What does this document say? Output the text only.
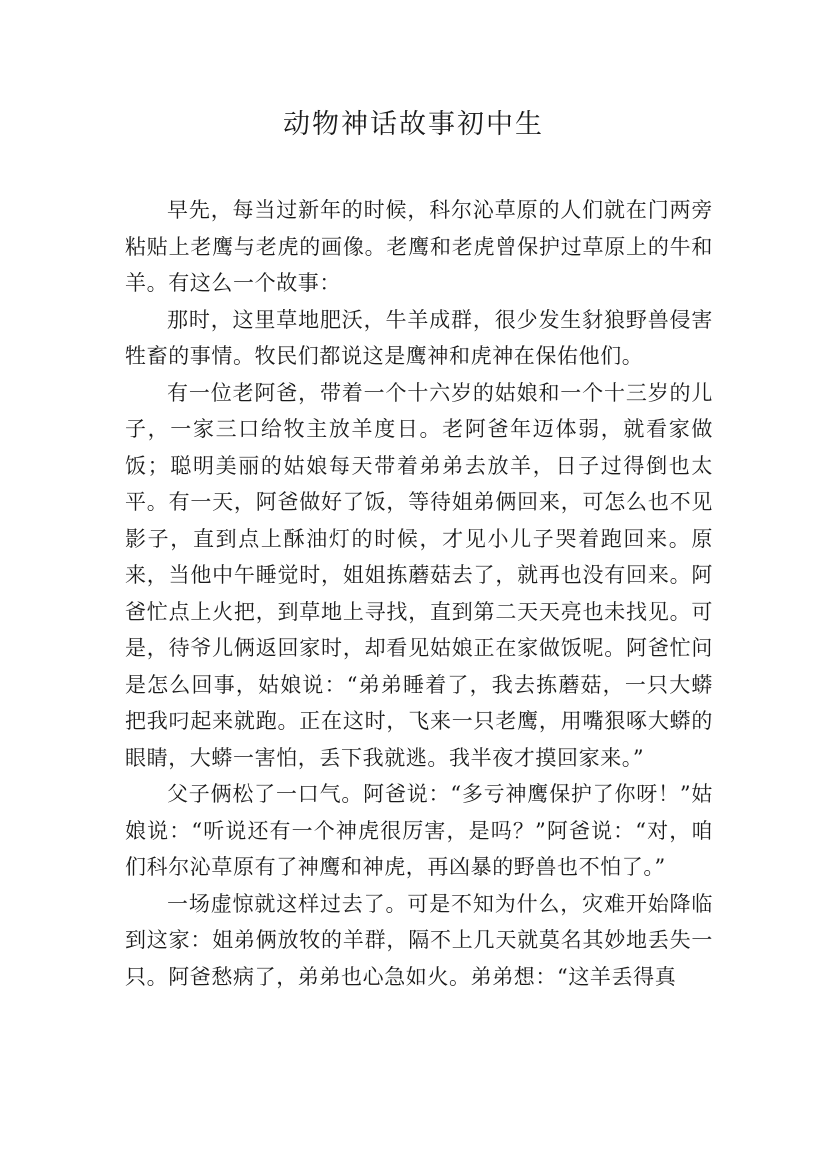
动物神话故事初中生

早先，每当过新年的时候，科尔沁草原的人们就在门两旁粘贴上老鹰与老虎的画像。老鹰和老虎曾保护过草原上的牛和羊。有这么一个故事：

那时，这里草地肥沃，牛羊成群，很少发生豺狼野兽侵害牲畜的事情。牧民们都说这是鹰神和虎神在保佑他们。

有一位老阿爸，带着一个十六岁的姑娘和一个十三岁的儿子，一家三口给牧主放羊度日。老阿爸年迈体弱，就看家做饭；聪明美丽的姑娘每天带着弟弟去放羊，日子过得倒也太平。有一天，阿爸做好了饭，等待姐弟俩回来，可怎么也不见影子，直到点上酥油灯的时候，才见小儿子哭着跑回来。原来，当他中午睡觉时，姐姐拣蘑菇去了，就再也没有回来。阿爸忙点上火把，到草地上寻找，直到第二天天亮也未找见。可是，待爷儿俩返回家时，却看见姑娘正在家做饭呢。阿爸忙问是怎么回事，姑娘说：“弟弟睡着了，我去拣蘑菇，一只大蟒把我叼起来就跑。正在这时，飞来一只老鹰，用嘴狠啄大蟒的眼睛，大蟒一害怕，丢下我就逃。我半夜才摸回家来。”

父子俩松了一口气。阿爸说：“多亏神鹰保护了你呀！”姑娘说：“听说还有一个神虎很厉害，是吗？”阿爸说：“对，咱们科尔沁草原有了神鹰和神虎，再凶暴的野兽也不怕了。”

一场虚惊就这样过去了。可是不知为什么，灾难开始降临到这家：姐弟俩放牧的羊群，隔不上几天就莫名其妙地丢失一只。阿爸愁病了，弟弟也心急如火。弟弟想：“这羊丢得真
